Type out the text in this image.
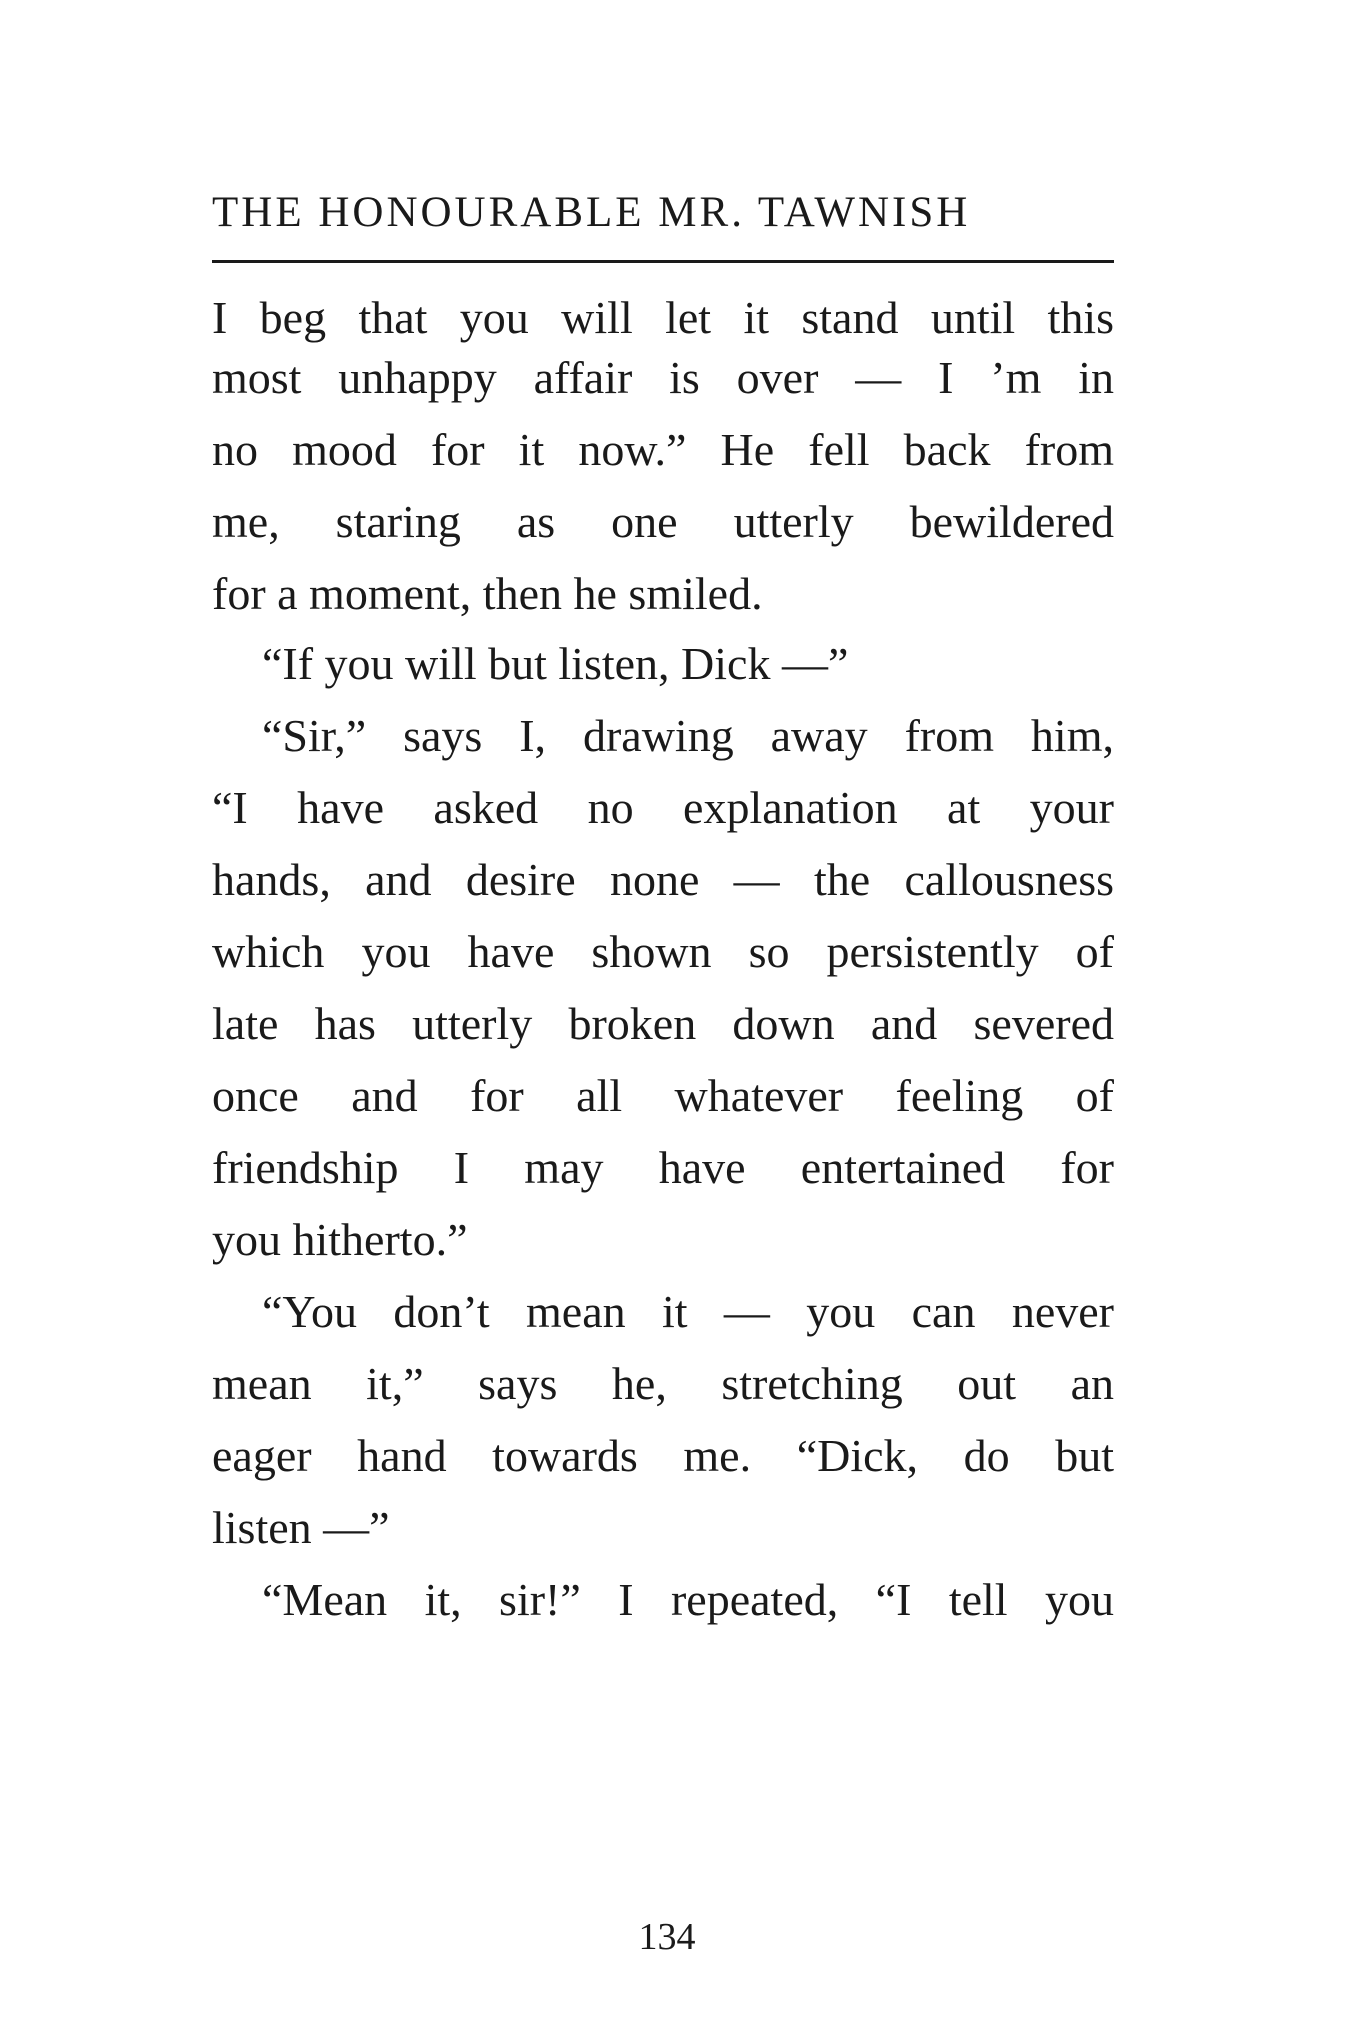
THE HONOURABLE MR. TAWNISH
I beg that you will let it stand until this
most unhappy affair is over — I ’m in
no mood for it now.” He fell back from
me, staring as one utterly bewildered
for a moment, then he smiled.
“If you will but listen, Dick —”
“Sir,” says I, drawing away from him,
“I have asked no explanation at your
hands, and desire none — the callousness
which you have shown so persistently of
late has utterly broken down and severed
once and for all whatever feeling of
friendship I may have entertained for
you hitherto.”
“You don’t mean it — you can never
mean it,” says he, stretching out an
eager hand towards me. “Dick, do but
listen —”
“Mean it, sir!” I repeated, “I tell you
134
